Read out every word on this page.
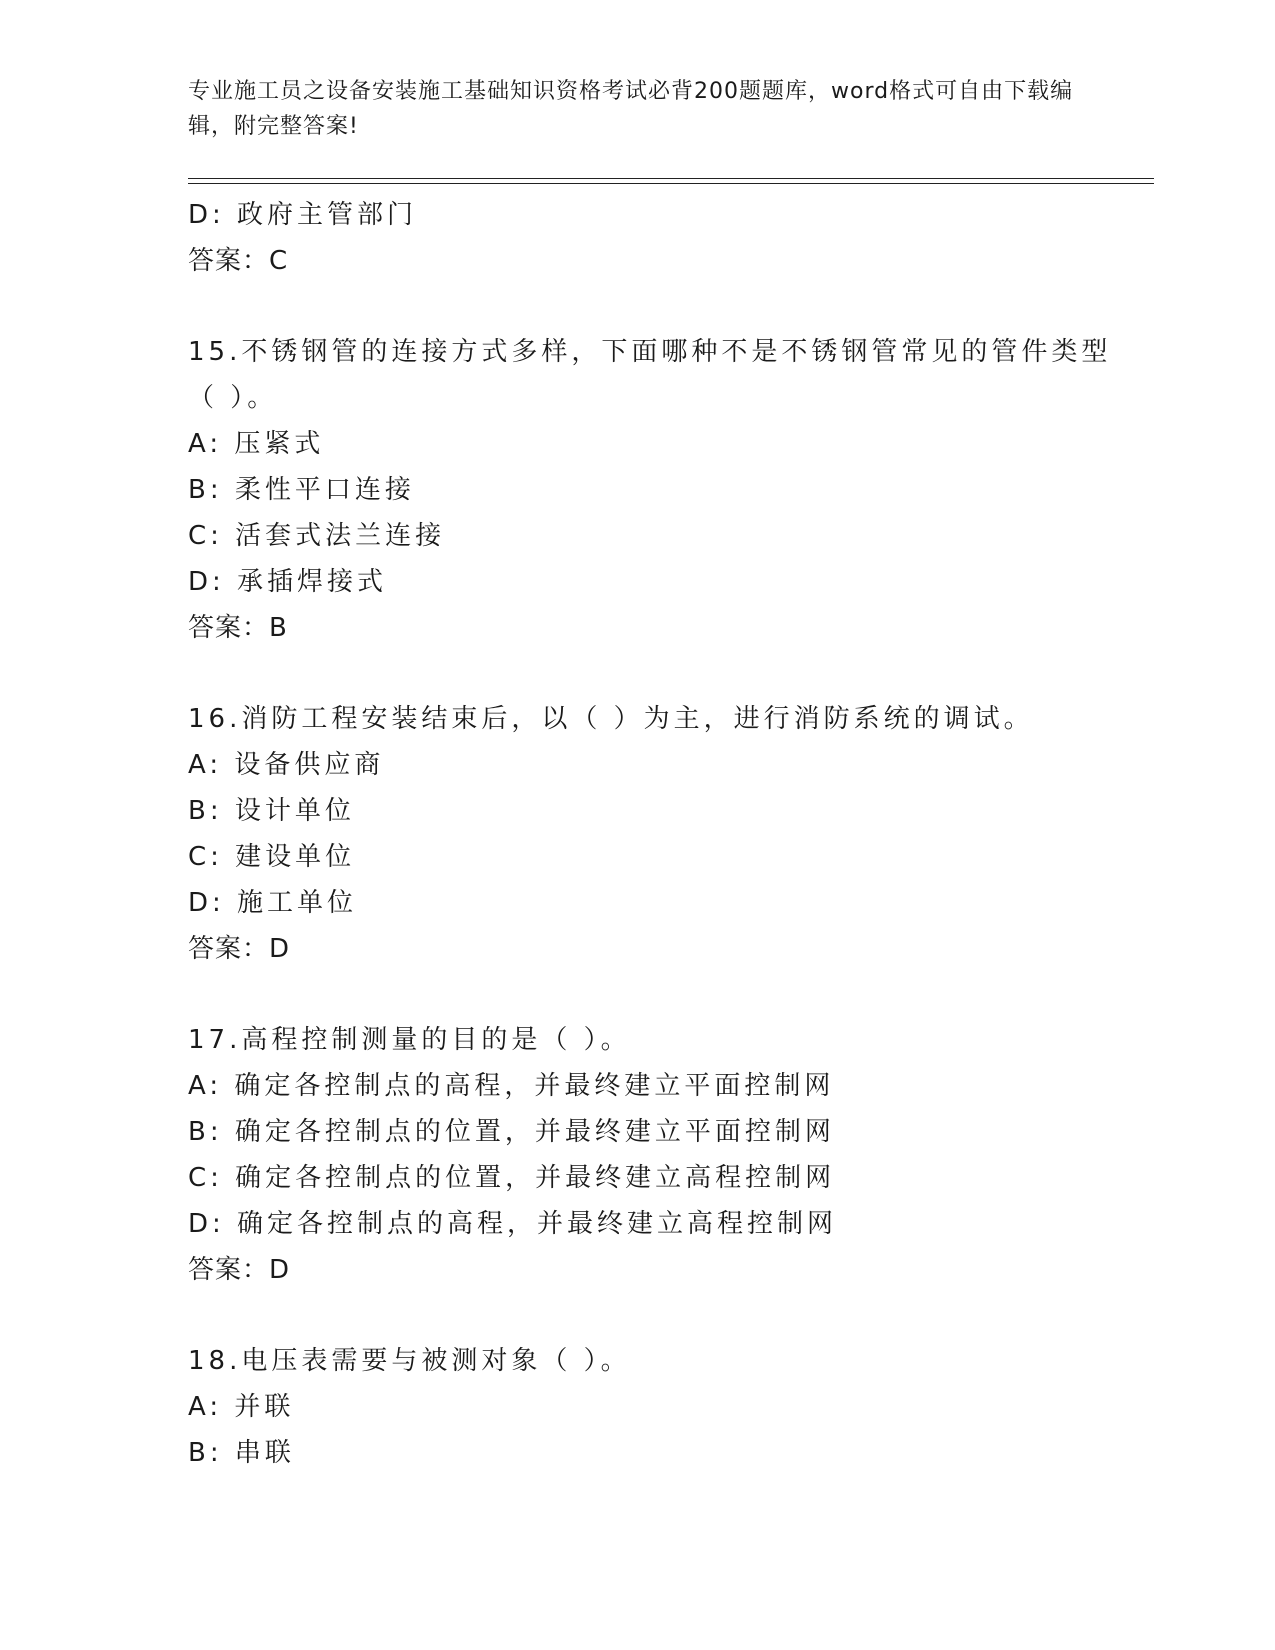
专业施工员之设备安装施工基础知识资格考试必背200题题库，word格式可自由下载编辑，附完整答案!
D: 政府主管部门
答案：C
15.不锈钢管的连接方式多样，下面哪种不是不锈钢管常见的管件类型
（ ）。
A: 压紧式
B: 柔性平口连接
C: 活套式法兰连接
D: 承插焊接式
答案：B
16.消防工程安装结束后，以（ ）为主，进行消防系统的调试。
A: 设备供应商
B: 设计单位
C: 建设单位
D: 施工单位
答案：D
17.高程控制测量的目的是（ ）。
A: 确定各控制点的高程，并最终建立平面控制网
B: 确定各控制点的位置，并最终建立平面控制网
C: 确定各控制点的位置，并最终建立高程控制网
D: 确定各控制点的高程，并最终建立高程控制网
答案：D
18.电压表需要与被测对象（ ）。
A: 并联
B: 串联
